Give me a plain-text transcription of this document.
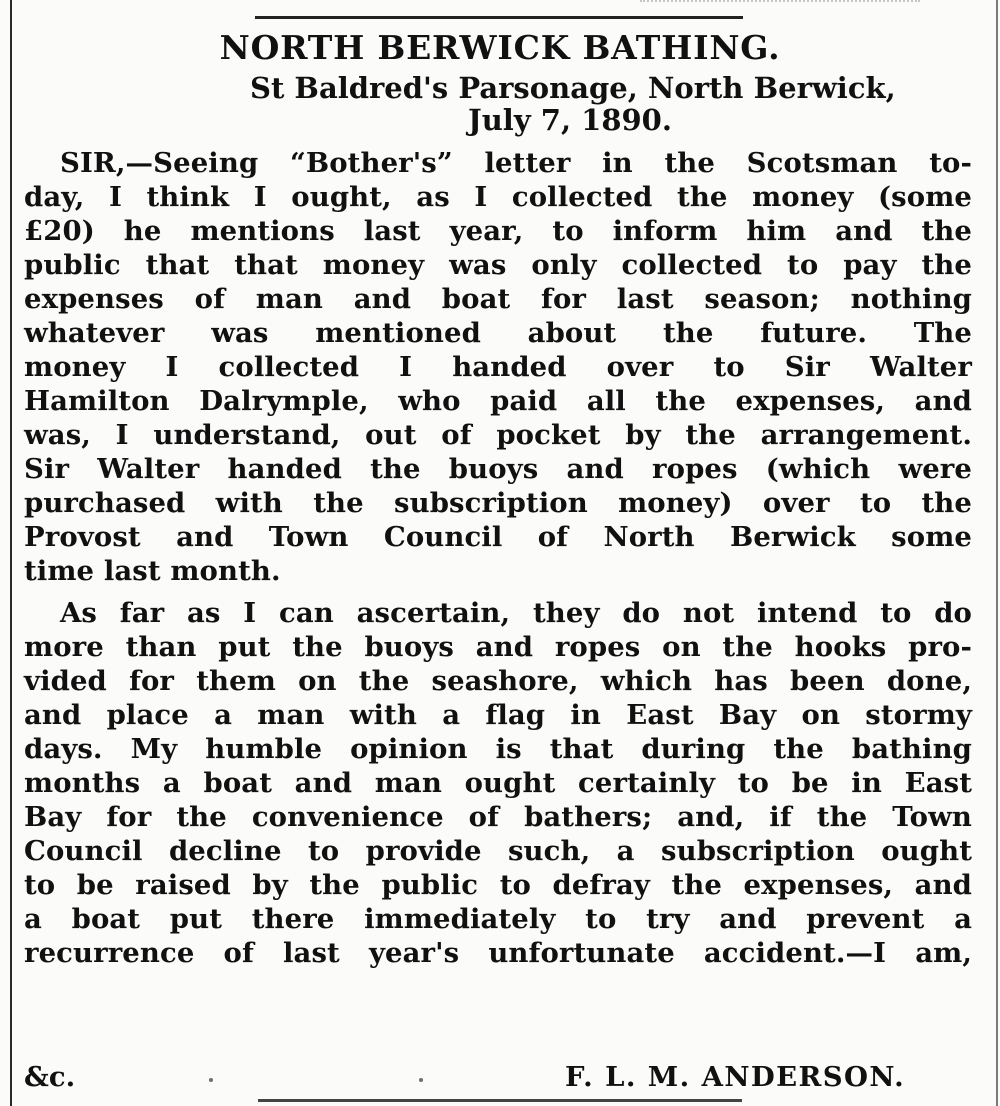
NORTH BERWICK BATHING.
St Baldred's Parsonage, North Berwick,
July 7, 1890.
SIR,—Seeing “Bother's” letter in the Scotsman to-
day, I think I ought, as I collected the money (some
£20) he mentions last year, to inform him and the
public that that money was only collected to pay the
expenses of man and boat for last season; nothing
whatever was mentioned about the future. The
money I collected I handed over to Sir Walter
Hamilton Dalrymple, who paid all the expenses, and
was, I understand, out of pocket by the arrangement.
Sir Walter handed the buoys and ropes (which were
purchased with the subscription money) over to the
Provost and Town Council of North Berwick some
time last month.
As far as I can ascertain, they do not intend to do
more than put the buoys and ropes on the hooks pro-
vided for them on the seashore, which has been done,
and place a man with a flag in East Bay on stormy
days. My humble opinion is that during the bathing
months a boat and man ought certainly to be in East
Bay for the convenience of bathers; and, if the Town
Council decline to provide such, a subscription ought
to be raised by the public to defray the expenses, and
a boat put there immediately to try and prevent a
recurrence of last year's unfortunate accident.—I am,
&c.	F. L. M. ANDERSON.
